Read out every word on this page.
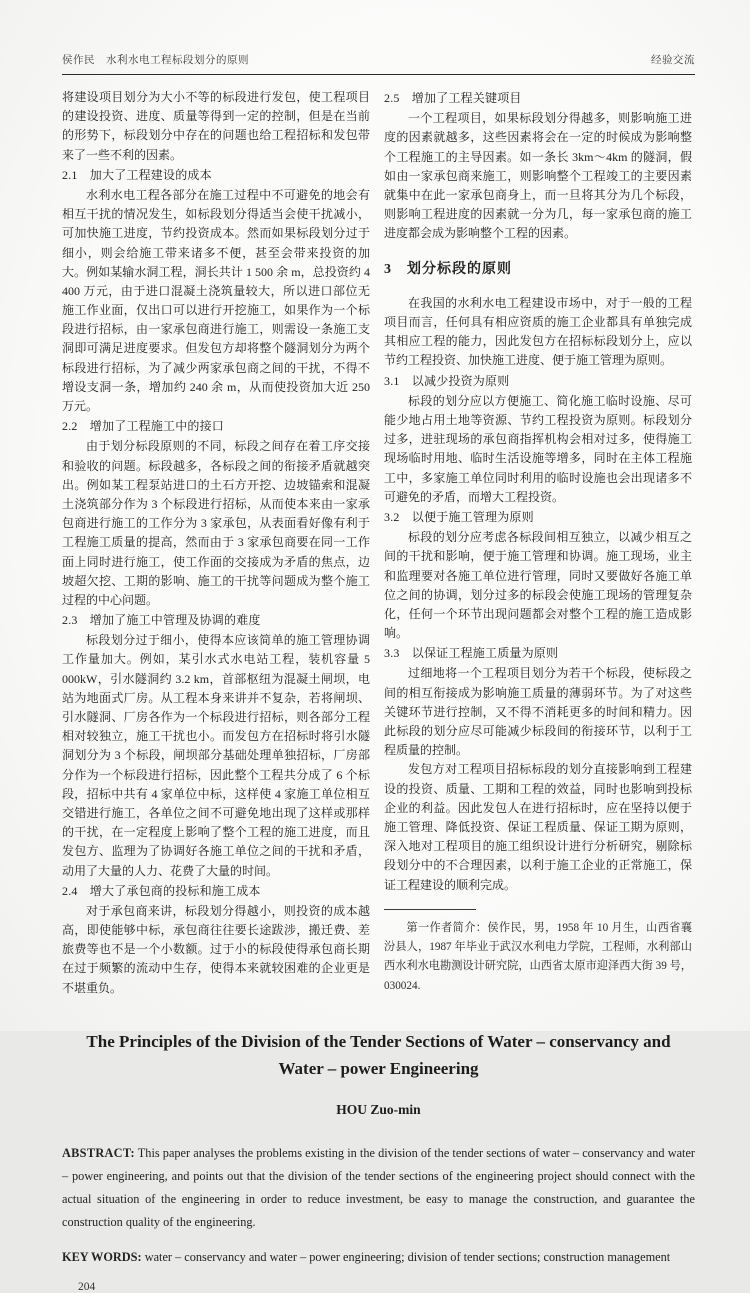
侯作民　水利水电工程标段划分的原则	经验交流

将建设项目划分为大小不等的标段进行发包，使工程项目的建设投资、进度、质量等得到一定的控制，但是在当前的形势下，标段划分中存在的问题也给工程招标和发包带来了一些不利的因素。

2.1　加大了工程建设的成本

水利水电工程各部分在施工过程中不可避免的地会有相互干扰的情况发生，如标段划分得适当会使干扰减小，可加快施工进度，节约投资成本。然而如果标段划分过于细小，则会给施工带来诸多不便，甚至会带来投资的加大。例如某输水洞工程，洞长共计 1 500 余 m，总投资约 4 400 万元，由于进口混凝土浇筑量较大，所以进口部位无施工作业面，仅出口可以进行开挖施工，如果作为一个标段进行招标，由一家承包商进行施工，则需设一条施工支洞即可满足进度要求。但发包方却将整个隧洞划分为两个标段进行招标，为了减少两家承包商之间的干扰，不得不增设支洞一条，增加约 240 余 m，从而使投资加大近 250 万元。

2.2　增加了工程施工中的接口

由于划分标段原则的不同，标段之间存在着工序交接和验收的问题。标段越多，各标段之间的衔接矛盾就越突出。例如某工程泵站进口的土石方开挖、边坡锚索和混凝土浇筑部分作为 3 个标段进行招标，从而使本来由一家承包商进行施工的工作分为 3 家承包，从表面看好像有利于工程施工质量的提高，然而由于 3 家承包商要在同一工作面上同时进行施工，使工作面的交接成为矛盾的焦点，边坡超欠挖、工期的影响、施工的干扰等问题成为整个施工过程的中心问题。

2.3　增加了施工中管理及协调的难度

标段划分过于细小，使得本应该简单的施工管理协调工作量加大。例如，某引水式水电站工程，装机容量 5 000kW，引水隧洞约 3.2 km，首部枢纽为混凝土闸坝，电站为地面式厂房。从工程本身来讲并不复杂，若将闸坝、引水隧洞、厂房各作为一个标段进行招标，则各部分工程相对较独立，施工干扰也小。而发包方在招标时将引水隧洞划分为 3 个标段，闸坝部分基础处理单独招标，厂房部分作为一个标段进行招标，因此整个工程共分成了 6 个标段，招标中共有 4 家单位中标，这样使 4 家施工单位相互交错进行施工，各单位之间不可避免地出现了这样或那样的干扰，在一定程度上影响了整个工程的施工进度，而且发包方、监理为了协调好各施工单位之间的干扰和矛盾，动用了大量的人力、花费了大量的时间。

2.4　增大了承包商的投标和施工成本

对于承包商来讲，标段划分得越小，则投资的成本越高，即使能够中标，承包商往往要长途跋涉，搬迁费、差旅费等也不是一个小数额。过于小的标段使得承包商长期在过于频繁的流动中生存，使得本来就较困难的企业更是不堪重负。

2.5　增加了工程关键项目

一个工程项目，如果标段划分得越多，则影响施工进度的因素就越多，这些因素将会在一定的时候成为影响整个工程施工的主导因素。如一条长 3km～4km 的隧洞，假如由一家承包商来施工，则影响整个工程竣工的主要因素就集中在此一家承包商身上，而一旦将其分为几个标段，则影响工程进度的因素就一分为几，每一家承包商的施工进度都会成为影响整个工程的因素。

3　划分标段的原则

在我国的水利水电工程建设市场中，对于一般的工程项目而言，任何具有相应资质的施工企业都具有单独完成其相应工程的能力，因此发包方在招标标段划分上，应以节约工程投资、加快施工进度、便于施工管理为原则。

3.1　以减少投资为原则

标段的划分应以方便施工、简化施工临时设施、尽可能少地占用土地等资源、节约工程投资为原则。标段划分过多，进驻现场的承包商指挥机构会相对过多，使得施工现场临时用地、临时生活设施等增多，同时在主体工程施工中，多家施工单位同时利用的临时设施也会出现诸多不可避免的矛盾，而增大工程投资。

3.2　以便于施工管理为原则

标段的划分应考虑各标段间相互独立，以减少相互之间的干扰和影响，便于施工管理和协调。施工现场，业主和监理要对各施工单位进行管理，同时又要做好各施工单位之间的协调，划分过多的标段会使施工现场的管理复杂化，任何一个环节出现问题都会对整个工程的施工造成影响。

3.3　以保证工程施工质量为原则

过细地将一个工程项目划分为若干个标段，使标段之间的相互衔接成为影响施工质量的薄弱环节。为了对这些关键环节进行控制，又不得不消耗更多的时间和精力。因此标段的划分应尽可能减少标段间的衔接环节，以利于工程质量的控制。

发包方对工程项目招标标段的划分直接影响到工程建设的投资、质量、工期和工程的效益，同时也影响到投标企业的利益。因此发包人在进行招标时，应在坚持以便于施工管理、降低投资、保证工程质量、保证工期为原则，深入地对工程项目的施工组织设计进行分析研究，剔除标段划分中的不合理因素，以利于施工企业的正常施工，保证工程建设的顺利完成。

第一作者简介：侯作民，男，1958 年 10 月生，山西省襄汾县人，1987 年毕业于武汉水利电力学院，工程师，水利部山西水利水电勘测设计研究院，山西省太原市迎泽西大街 39 号，030024.

The Principles of the Division of the Tender Sections of Water – conservancy and Water – power Engineering
HOU Zuo-min

ABSTRACT: This paper analyses the problems existing in the division of the tender sections of water – conservancy and water – power engineering, and points out that the division of the tender sections of the engineering project should connect with the actual situation of the engineering in order to reduce investment, be easy to manage the construction, and guarantee the construction quality of the engineering.

KEY WORDS: water – conservancy and water – power engineering; division of tender sections; construction management

204
